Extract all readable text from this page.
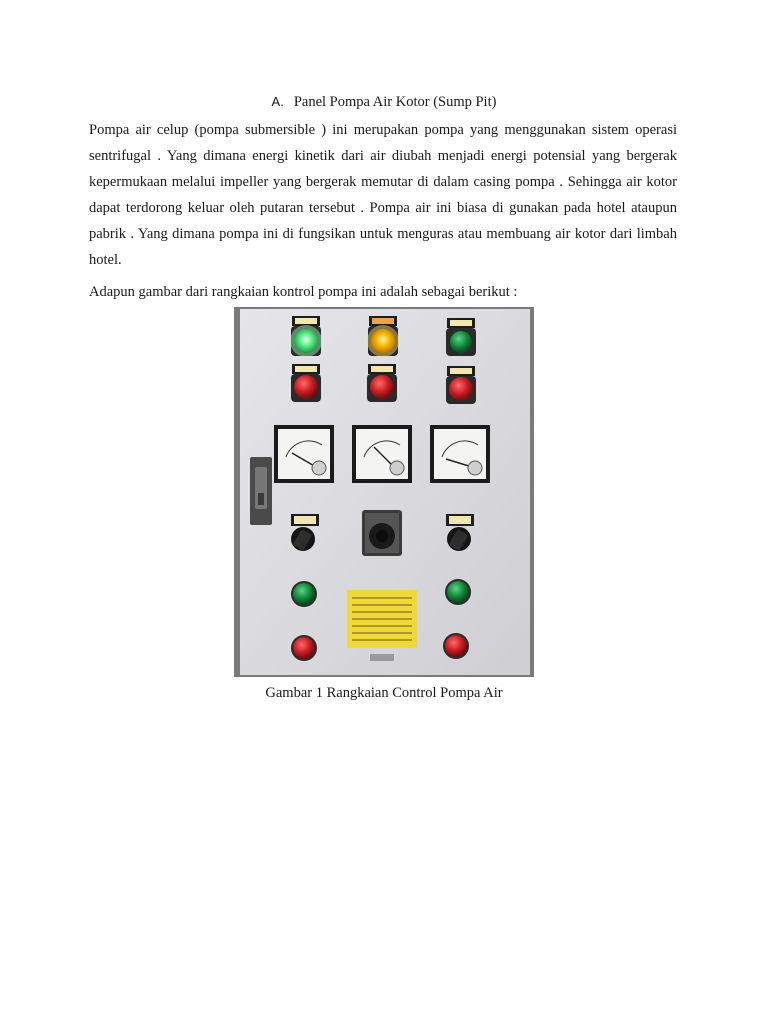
A. Panel Pompa Air Kotor (Sump Pit)

Pompa air celup (pompa submersible ) ini merupakan pompa yang menggunakan sistem operasi sentrifugal . Yang dimana energi kinetik dari air diubah menjadi energi potensial yang bergerak kepermukaan melalui impeller yang bergerak memutar di dalam casing pompa . Sehingga air kotor dapat terdorong keluar oleh putaran tersebut . Pompa air ini biasa di gunakan pada hotel ataupun pabrik . Yang dimana pompa ini di fungsikan untuk menguras atau membuang air kotor dari limbah hotel.

Adapun gambar dari rangkaian kontrol pompa ini adalah sebagai berikut :

Gambar 1 Rangkaian Control Pompa Air
